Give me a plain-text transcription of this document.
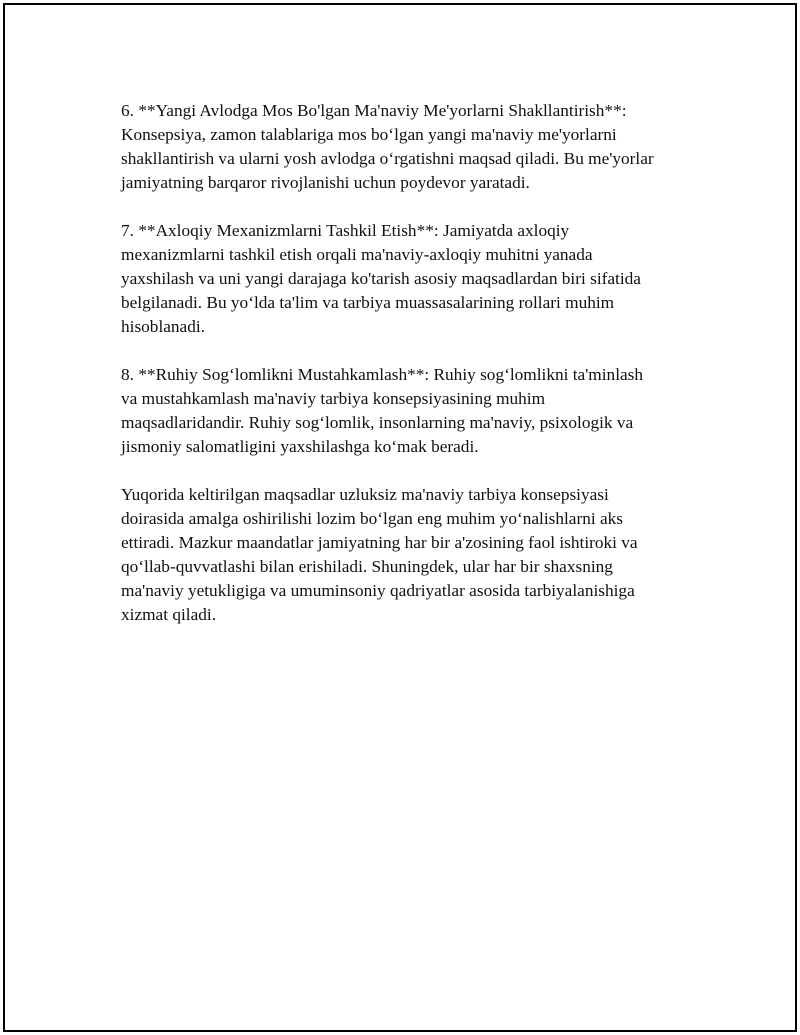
6. **Yangi Avlodga Mos Bo'lgan Ma'naviy Me'yorlarni Shakllantirish**:
Konsepsiya, zamon talablariga mos bo‘lgan yangi ma'naviy me'yorlarni
shakllantirish va ularni yosh avlodga o‘rgatishni maqsad qiladi. Bu me'yorlar
jamiyatning barqaror rivojlanishi uchun poydevor yaratadi.

7. **Axloqiy Mexanizmlarni Tashkil Etish**: Jamiyatda axloqiy
mexanizmlarni tashkil etish orqali ma'naviy-axloqiy muhitni yanada
yaxshilash va uni yangi darajaga ko'tarish asosiy maqsadlardan biri sifatida
belgilanadi. Bu yo‘lda ta'lim va tarbiya muassasalarining rollari muhim
hisoblanadi.

8. **Ruhiy Sog‘lomlikni Mustahkamlash**: Ruhiy sog‘lomlikni ta'minlash
va mustahkamlash ma'naviy tarbiya konsepsiyasining muhim
maqsadlaridandir. Ruhiy sog‘lomlik, insonlarning ma'naviy, psixologik va
jismoniy salomatligini yaxshilashga ko‘mak beradi.

Yuqorida keltirilgan maqsadlar uzluksiz ma'naviy tarbiya konsepsiyasi
doirasida amalga oshirilishi lozim bo‘lgan eng muhim yo‘nalishlarni aks
ettiradi. Mazkur maandatlar jamiyatning har bir a'zosining faol ishtiroki va
qo‘llab-quvvatlashi bilan erishiladi. Shuningdek, ular har bir shaxsning
ma'naviy yetukligiga va umuminsoniy qadriyatlar asosida tarbiyalanishiga
xizmat qiladi.
